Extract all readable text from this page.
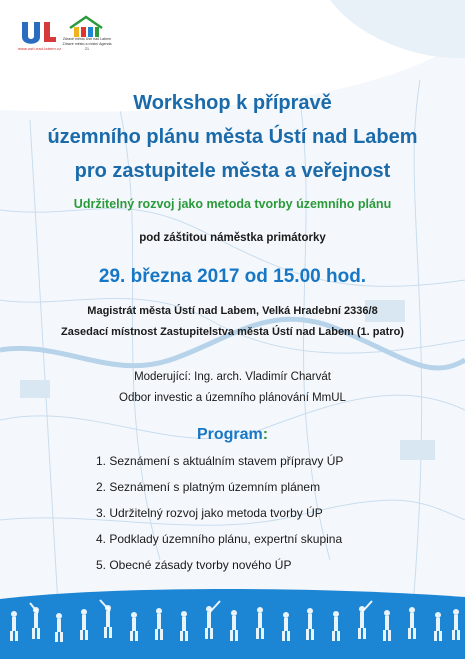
www.usti-nad-labem.cz
Zdravé město Ústí nad Labem
Zdravé město a místní Agenda 21
Workshop k přípravě
územního plánu města Ústí nad Labem
pro zastupitele města a veřejnost
Udržitelný rozvoj jako metoda tvorby územního plánu
pod záštitou náměstka primátorky
29. března 2017 od 15.00 hod.
Magistrát města Ústí nad Labem, Velká Hradební 2336/8
Zasedací místnost Zastupitelstva města Ústí nad Labem (1. patro)
Moderující: Ing. arch. Vladimír Charvát
Odbor investic a územního plánování MmUL
Program:
1. Seznámení s aktuálním stavem přípravy ÚP
2. Seznámení s platným územním plánem
3. Udržitelný rozvoj jako metoda tvorby ÚP
4. Podklady územního plánu, expertní skupina
5. Obecné zásady tvorby nového ÚP
